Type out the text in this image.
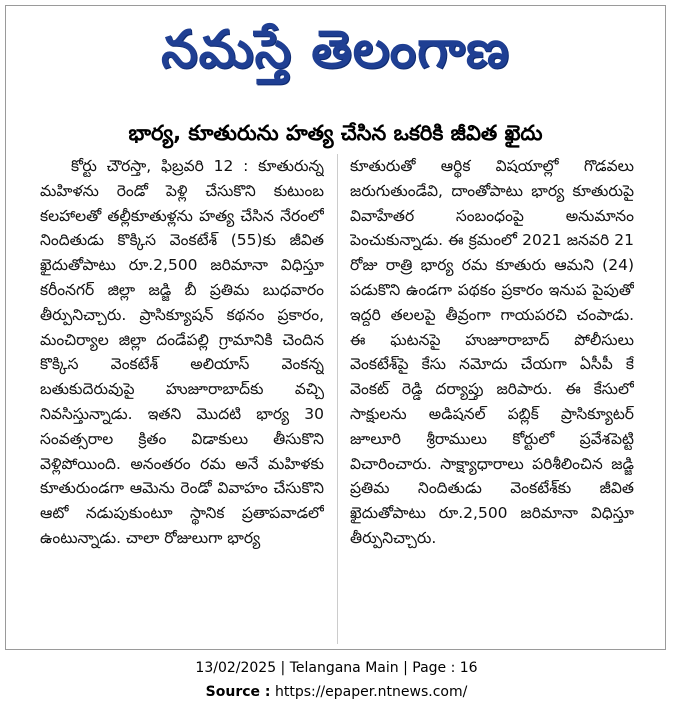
నమస్తే తెలంగాణ
భార్య, కూతురును హత్య చేసిన ఒకరికి జీవిత ఖైదు

కోర్టు చౌరస్తా, ఫిబ్రవరి 12 : కూతురున్న మహిళను రెండో పెళ్లి చేసుకొని కుటుంబ కలహాలతో తల్లీకూతుళ్లను హత్య చేసిన నేరంలో నిందితుడు కొక్కిస వెంకటేశ్ (55)కు జీవిత ఖైదుతోపాటు రూ.2,500 జరిమానా విధిస్తూ కరీంనగర్ జిల్లా జడ్జి బీ ప్రతిమ బుధవారం తీర్పునిచ్చారు. ప్రాసిక్యూషన్ కథనం ప్రకారం, మంచిర్యాల జిల్లా దండేపల్లి గ్రామానికి చెందిన కొక్కిస వెంకటేశ్ అలియాస్ వెంకన్న బతుకుదెరువుపై హుజూరాబాద్‌కు వచ్చి నివసిస్తున్నాడు. ఇతని మొదటి భార్య 30 సంవత్సరాల క్రితం విడాకులు తీసుకొని వెళ్లిపోయింది. అనంతరం రమ అనే మహిళకు కూతురుండగా ఆమెను రెండో వివాహం చేసుకొని ఆటో నడుపుకుంటూ స్థానిక ప్రతాపవాడలో ఉంటున్నాడు. చాలా రోజులుగా భార్య

కూతురుతో ఆర్థిక విషయాల్లో గొడవలు జరుగుతుండేవి, దాంతోపాటు భార్య కూతురుపై వివాహేతర సంబంధంపై అనుమానం పెంచుకున్నాడు. ఈ క్రమంలో 2021 జనవరి 21 రోజు రాత్రి భార్య రమ కూతురు ఆమని (24) పడుకొని ఉండగా పథకం ప్రకారం ఇనుప పైపుతో ఇద్దరి తలలపై తీవ్రంగా గాయపరచి చంపాడు. ఈ ఘటనపై హుజూరాబాద్ పోలీసులు వెంకటేశ్‌పై కేసు నమోదు చేయగా ఏసీపీ కే వెంకట్ రెడ్డి దర్యాప్తు జరిపారు. ఈ కేసులో సాక్షులను అడిషనల్ పబ్లిక్ ప్రాసిక్యూటర్ జూలూరి శ్రీరాములు కోర్టులో ప్రవేశపెట్టి విచారించారు. సాక్ష్యాధారాలు పరిశీలించిన జడ్జి ప్రతిమ నిందితుడు వెంకటేశ్‌కు జీవిత ఖైదుతోపాటు రూ.2,500 జరిమానా విధిస్తూ తీర్పునిచ్చారు.

13/02/2025 | Telangana Main | Page : 16
Source : https://epaper.ntnews.com/
